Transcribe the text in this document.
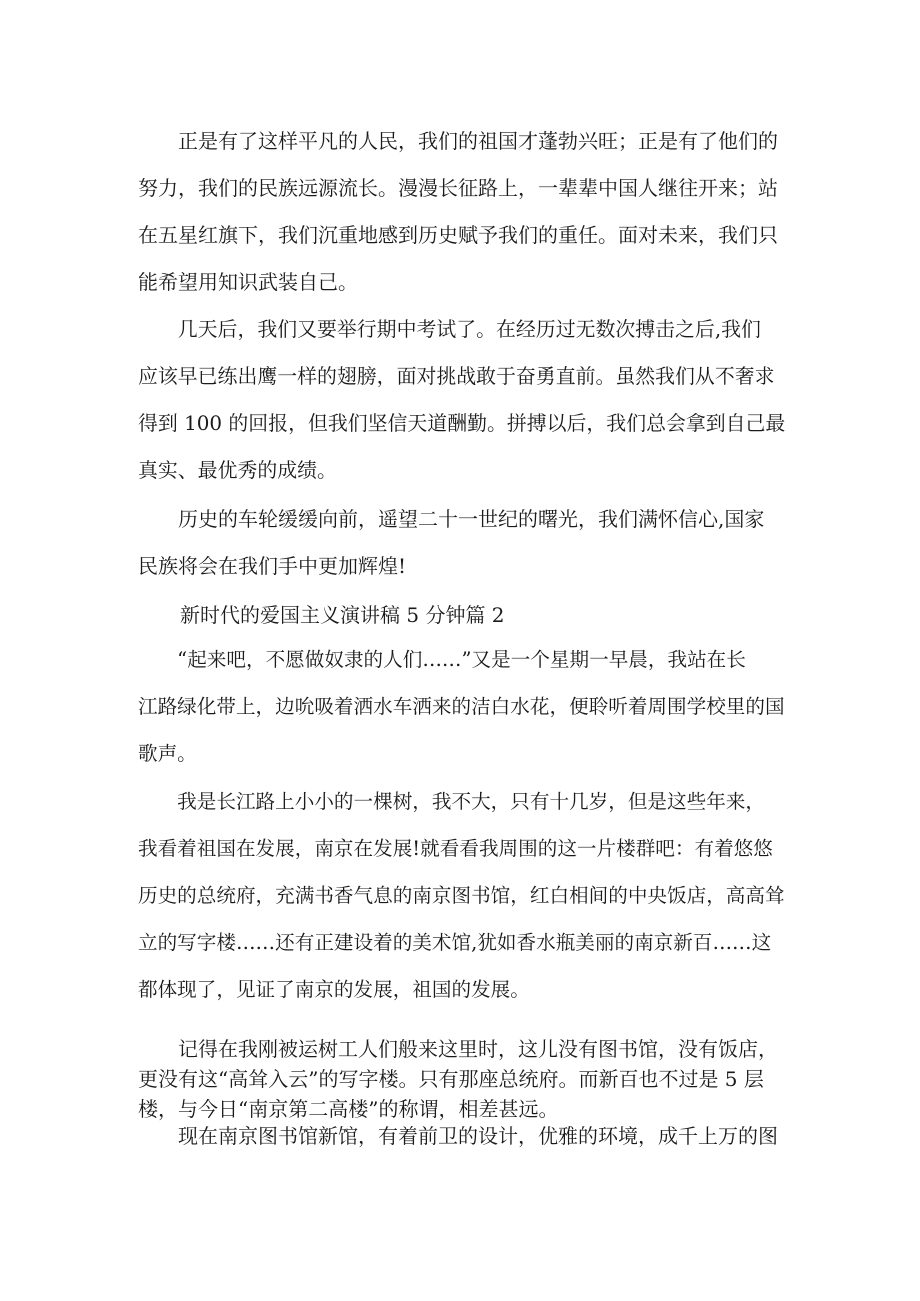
　　正是有了这样平凡的人民，我们的祖国才蓬勃兴旺；正是有了他们的
努力，我们的民族远源流长。漫漫长征路上，一辈辈中国人继往开来；站
在五星红旗下，我们沉重地感到历史赋予我们的重任。面对未来，我们只
能希望用知识武装自己。

　　几天后，我们又要举行期中考试了。在经历过无数次搏击之后,我们
应该早已练出鹰一样的翅膀，面对挑战敢于奋勇直前。虽然我们从不奢求
得到 100 的回报，但我们坚信天道酬勤。拼搏以后，我们总会拿到自己最
真实、最优秀的成绩。

　　历史的车轮缓缓向前，遥望二十一世纪的曙光，我们满怀信心,国家
民族将会在我们手中更加辉煌!

新时代的爱国主义演讲稿 5 分钟篇 2

　　“起来吧，不愿做奴隶的人们……”又是一个星期一早晨，我站在长
江路绿化带上，边吮吸着洒水车洒来的洁白水花，便聆听着周围学校里的国
歌声。

　　我是长江路上小小的一棵树，我不大，只有十几岁，但是这些年来，
我看着祖国在发展，南京在发展!就看看我周围的这一片楼群吧：有着悠悠
历史的总统府，充满书香气息的南京图书馆，红白相间的中央饭店，高高耸
立的写字楼……还有正建设着的美术馆,犹如香水瓶美丽的南京新百……这
都体现了，见证了南京的发展，祖国的发展。

　　记得在我刚被运树工人们般来这里时，这儿没有图书馆，没有饭店，
更没有这“高耸入云”的写字楼。只有那座总统府。而新百也不过是 5 层
楼，与今日“南京第二高楼”的称谓，相差甚远。

　　现在南京图书馆新馆，有着前卫的设计，优雅的环境，成千上万的图
